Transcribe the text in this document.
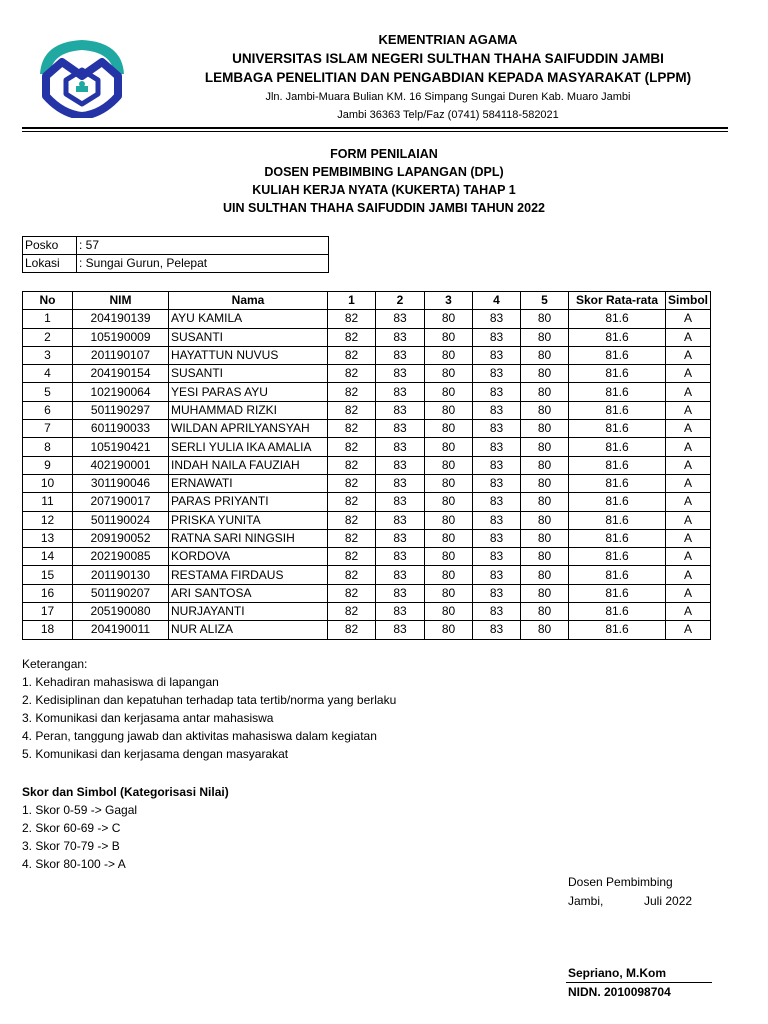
KEMENTRIAN AGAMA
UNIVERSITAS ISLAM NEGERI SULTHAN THAHA SAIFUDDIN JAMBI
LEMBAGA PENELITIAN DAN PENGABDIAN KEPADA MASYARAKAT (LPPM)
Jln. Jambi-Muara Bulian KM. 16 Simpang Sungai Duren Kab. Muaro Jambi
Jambi 36363 Telp/Faz (0741) 584118-582021
FORM PENILAIAN
DOSEN PEMBIMBING LAPANGAN (DPL)
KULIAH KERJA NYATA (KUKERTA) TAHAP 1
UIN SULTHAN THAHA SAIFUDDIN JAMBI TAHUN 2022
Posko	: 57
Lokasi	: Sungai Gurun, Pelepat
No	NIM	Nama	1	2	3	4	5	Skor Rata-rata	Simbol
1	204190139	AYU KAMILA	82	83	80	83	80	81.6	A
2	105190009	SUSANTI	82	83	80	83	80	81.6	A
3	201190107	HAYATTUN NUVUS	82	83	80	83	80	81.6	A
4	204190154	SUSANTI	82	83	80	83	80	81.6	A
5	102190064	YESI PARAS AYU	82	83	80	83	80	81.6	A
6	501190297	MUHAMMAD RIZKI	82	83	80	83	80	81.6	A
7	601190033	WILDAN APRILYANSYAH	82	83	80	83	80	81.6	A
8	105190421	SERLI YULIA IKA AMALIA	82	83	80	83	80	81.6	A
9	402190001	INDAH NAILA FAUZIAH	82	83	80	83	80	81.6	A
10	301190046	ERNAWATI	82	83	80	83	80	81.6	A
11	207190017	PARAS PRIYANTI	82	83	80	83	80	81.6	A
12	501190024	PRISKA YUNITA	82	83	80	83	80	81.6	A
13	209190052	RATNA SARI NINGSIH	82	83	80	83	80	81.6	A
14	202190085	KORDOVA	82	83	80	83	80	81.6	A
15	201190130	RESTAMA FIRDAUS	82	83	80	83	80	81.6	A
16	501190207	ARI SANTOSA	82	83	80	83	80	81.6	A
17	205190080	NURJAYANTI	82	83	80	83	80	81.6	A
18	204190011	NUR ALIZA	82	83	80	83	80	81.6	A
Keterangan:
1. Kehadiran mahasiswa di lapangan
2. Kedisiplinan dan kepatuhan terhadap tata tertib/norma yang berlaku
3. Komunikasi dan kerjasama antar mahasiswa
4. Peran, tanggung jawab dan aktivitas mahasiswa dalam kegiatan
5. Komunikasi dan kerjasama dengan masyarakat
Skor dan Simbol (Kategorisasi Nilai)
1. Skor 0-59 -> Gagal
2. Skor 60-69 -> C
3. Skor 70-79 -> B
4. Skor 80-100 -> A
Dosen Pembimbing
Jambi,	Juli 2022
Sepriano, M.Kom
NIDN. 2010098704
